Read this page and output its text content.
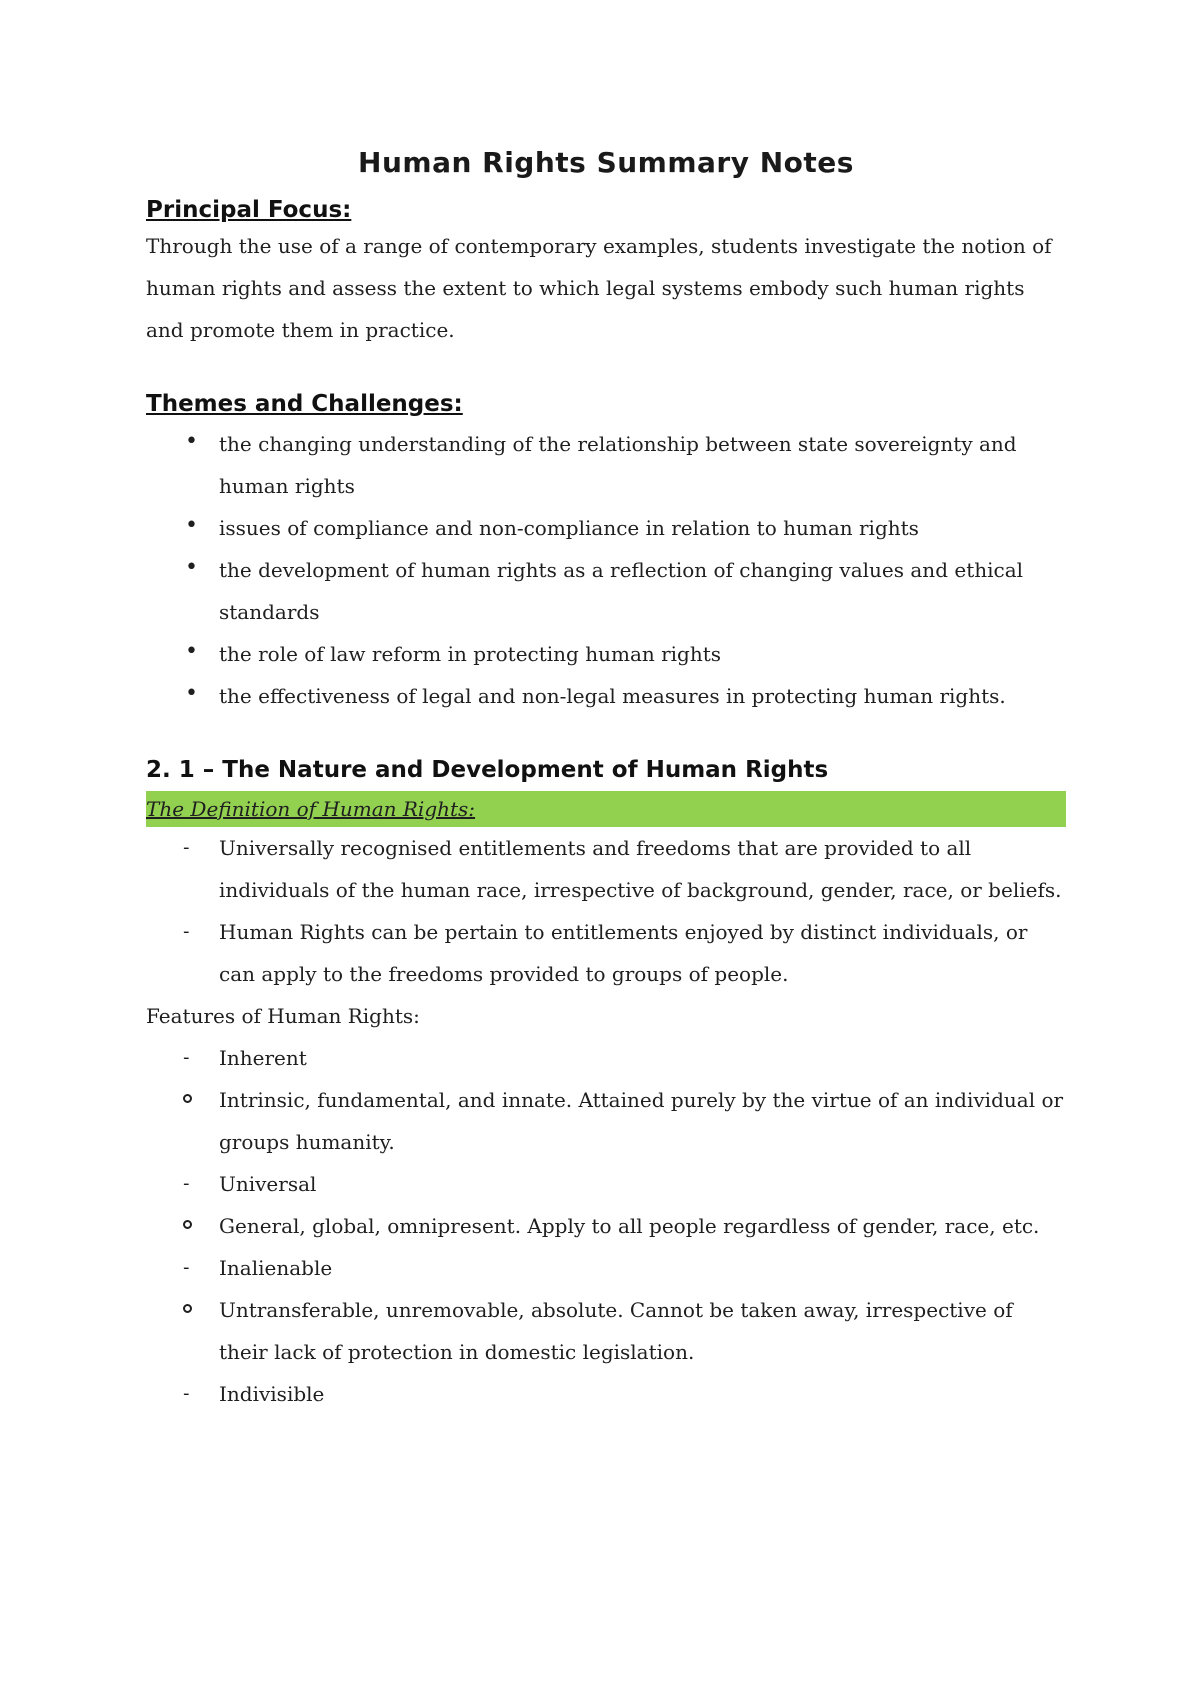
Human Rights Summary Notes
Principal Focus:

Through the use of a range of contemporary examples, students investigate the notion of human rights and assess the extent to which legal systems embody such human rights and promote them in practice.

Themes and Challenges:
• the changing understanding of the relationship between state sovereignty and human rights
• issues of compliance and non-compliance in relation to human rights
• the development of human rights as a reflection of changing values and ethical standards
• the role of law reform in protecting human rights
• the effectiveness of legal and non-legal measures in protecting human rights.
2. 1 – The Nature and Development of Human Rights

The Definition of Human Rights:

- Universally recognised entitlements and freedoms that are provided to all individuals of the human race, irrespective of background, gender, race, or beliefs.
- Human Rights can be pertain to entitlements enjoyed by distinct individuals, or can apply to the freedoms provided to groups of people.

Features of Human Rights:

- Inherent
Intrinsic, fundamental, and innate. Attained purely by the virtue of an individual or groups humanity.
- Universal
General, global, omnipresent. Apply to all people regardless of gender, race, etc.
- Inalienable
Untransferable, unremovable, absolute. Cannot be taken away, irrespective of their lack of protection in domestic legislation.
- Indivisible
